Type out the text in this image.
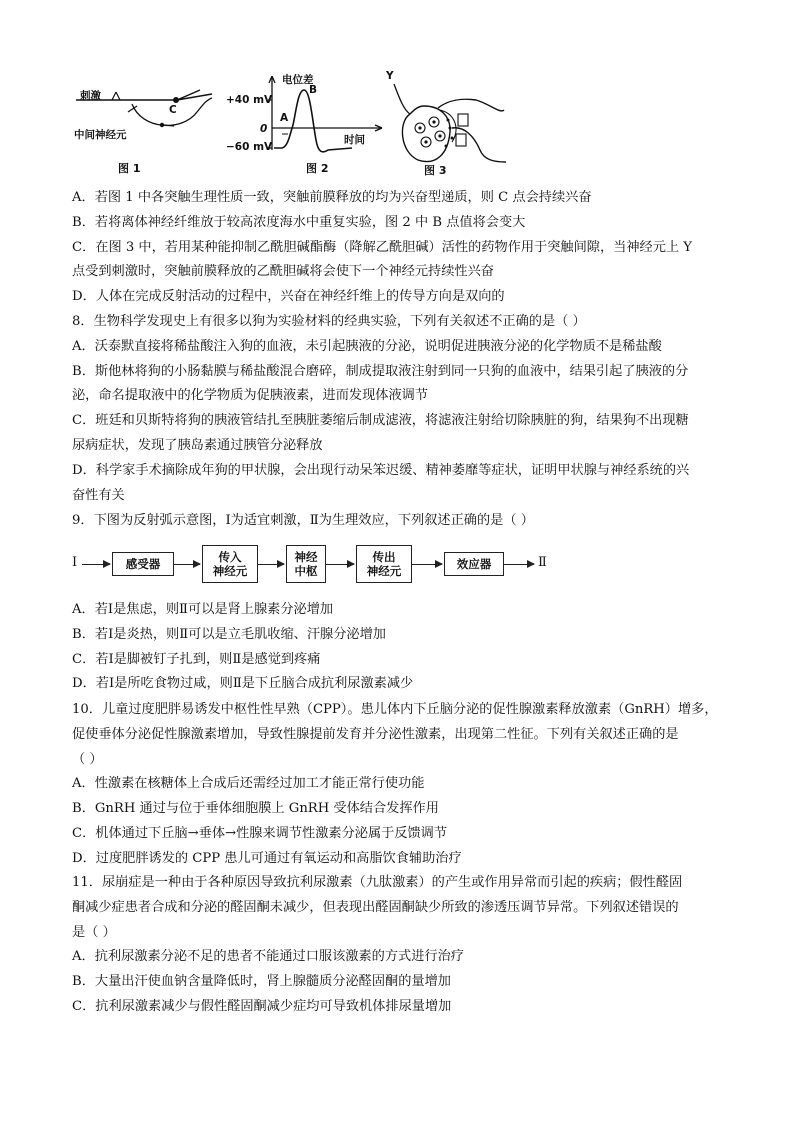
刺激
C
中间神经元
图 1
电位差
+40 mV
0
−60 mV
A
B
时间
图 2
Y
图 3
A．若图 1 中各突触生理性质一致，突触前膜释放的均为兴奋型递质，则 C 点会持续兴奋
B．若将离体神经纤维放于较高浓度海水中重复实验，图 2 中 B 点值将会变大
C．在图 3 中，若用某种能抑制乙酰胆碱酯酶（降解乙酰胆碱）活性的药物作用于突触间隙，当神经元上 Y
点受到刺激时，突触前膜释放的乙酰胆碱将会使下一个神经元持续性兴奋
D．人体在完成反射活动的过程中，兴奋在神经纤维上的传导方向是双向的
8．生物科学发现史上有很多以狗为实验材料的经典实验，下列有关叙述不正确的是（ ）
A．沃泰默直接将稀盐酸注入狗的血液，未引起胰液的分泌，说明促进胰液分泌的化学物质不是稀盐酸
B．斯他林将狗的小肠黏膜与稀盐酸混合磨碎，制成提取液注射到同一只狗的血液中，结果引起了胰液的分
泌，命名提取液中的化学物质为促胰液素，进而发现体液调节
C．班廷和贝斯特将狗的胰液管结扎至胰脏萎缩后制成滤液，将滤液注射给切除胰脏的狗，结果狗不出现糖
尿病症状，发现了胰岛素通过胰管分泌释放
D．科学家手术摘除成年狗的甲状腺，会出现行动呆笨迟缓、精神萎靡等症状，证明甲状腺与神经系统的兴
奋性有关
9．下图为反射弧示意图，Ⅰ为适宜刺激，Ⅱ为生理效应，下列叙述正确的是（ ）
Ⅰ	感受器	传入
神经元
神经
中枢
传出
神经元	效应器	Ⅱ
A．若Ⅰ是焦虑，则Ⅱ可以是肾上腺素分泌增加
B．若Ⅰ是炎热，则Ⅱ可以是立毛肌收缩、汗腺分泌增加
C．若Ⅰ是脚被钉子扎到，则Ⅱ是感觉到疼痛
D．若Ⅰ是所吃食物过咸，则Ⅱ是下丘脑合成抗利尿激素减少
10．儿童过度肥胖易诱发中枢性性早熟（CPP）。患儿体内下丘脑分泌的促性腺激素释放激素（GnRH）增多，
促使垂体分泌促性腺激素增加，导致性腺提前发育并分泌性激素，出现第二性征。下列有关叙述正确的是
（ ）
A．性激素在核糖体上合成后还需经过加工才能正常行使功能
B．GnRH 通过与位于垂体细胞膜上 GnRH 受体结合发挥作用
C．机体通过下丘脑→垂体→性腺来调节性激素分泌属于反馈调节
D．过度肥胖诱发的 CPP 患儿可通过有氧运动和高脂饮食辅助治疗
11．尿崩症是一种由于各种原因导致抗利尿激素（九肽激素）的产生或作用异常而引起的疾病；假性醛固
酮减少症患者合成和分泌的醛固酮未减少，但表现出醛固酮缺少所致的渗透压调节异常。下列叙述错误的
是（ ）
A．抗利尿激素分泌不足的患者不能通过口服该激素的方式进行治疗
B．大量出汗使血钠含量降低时，肾上腺髓质分泌醛固酮的量增加
C．抗利尿激素减少与假性醛固酮减少症均可导致机体排尿量增加
